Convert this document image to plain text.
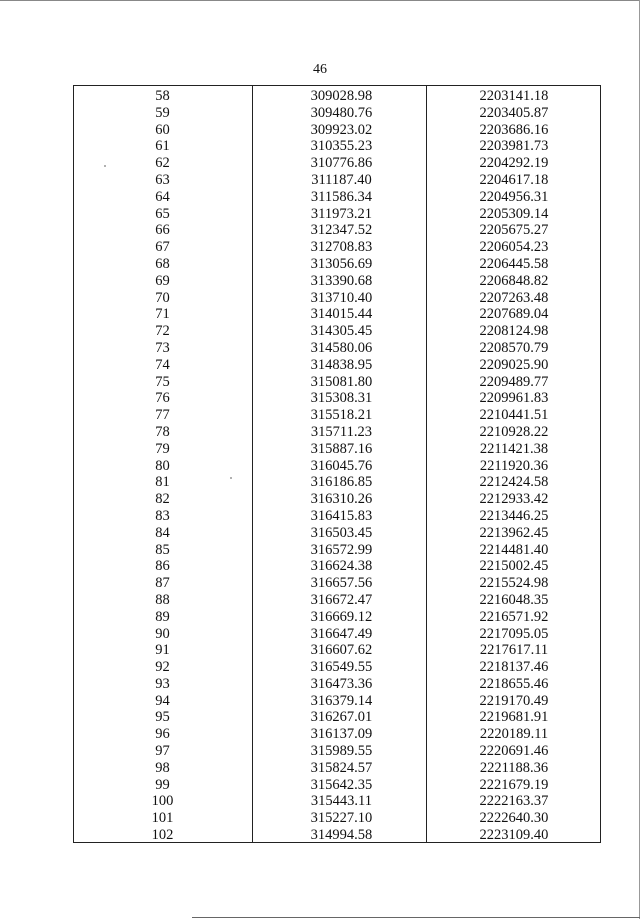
46
58	309028.98	2203141.18
59	309480.76	2203405.87
60	309923.02	2203686.16
61	310355.23	2203981.73
62	310776.86	2204292.19
63	311187.40	2204617.18
64	311586.34	2204956.31
65	311973.21	2205309.14
66	312347.52	2205675.27
67	312708.83	2206054.23
68	313056.69	2206445.58
69	313390.68	2206848.82
70	313710.40	2207263.48
71	314015.44	2207689.04
72	314305.45	2208124.98
73	314580.06	2208570.79
74	314838.95	2209025.90
75	315081.80	2209489.77
76	315308.31	2209961.83
77	315518.21	2210441.51
78	315711.23	2210928.22
79	315887.16	2211421.38
80	316045.76	2211920.36
81	316186.85	2212424.58
82	316310.26	2212933.42
83	316415.83	2213446.25
84	316503.45	2213962.45
85	316572.99	2214481.40
86	316624.38	2215002.45
87	316657.56	2215524.98
88	316672.47	2216048.35
89	316669.12	2216571.92
90	316647.49	2217095.05
91	316607.62	2217617.11
92	316549.55	2218137.46
93	316473.36	2218655.46
94	316379.14	2219170.49
95	316267.01	2219681.91
96	316137.09	2220189.11
97	315989.55	2220691.46
98	315824.57	2221188.36
99	315642.35	2221679.19
100	315443.11	2222163.37
101	315227.10	2222640.30
102	314994.58	2223109.40
